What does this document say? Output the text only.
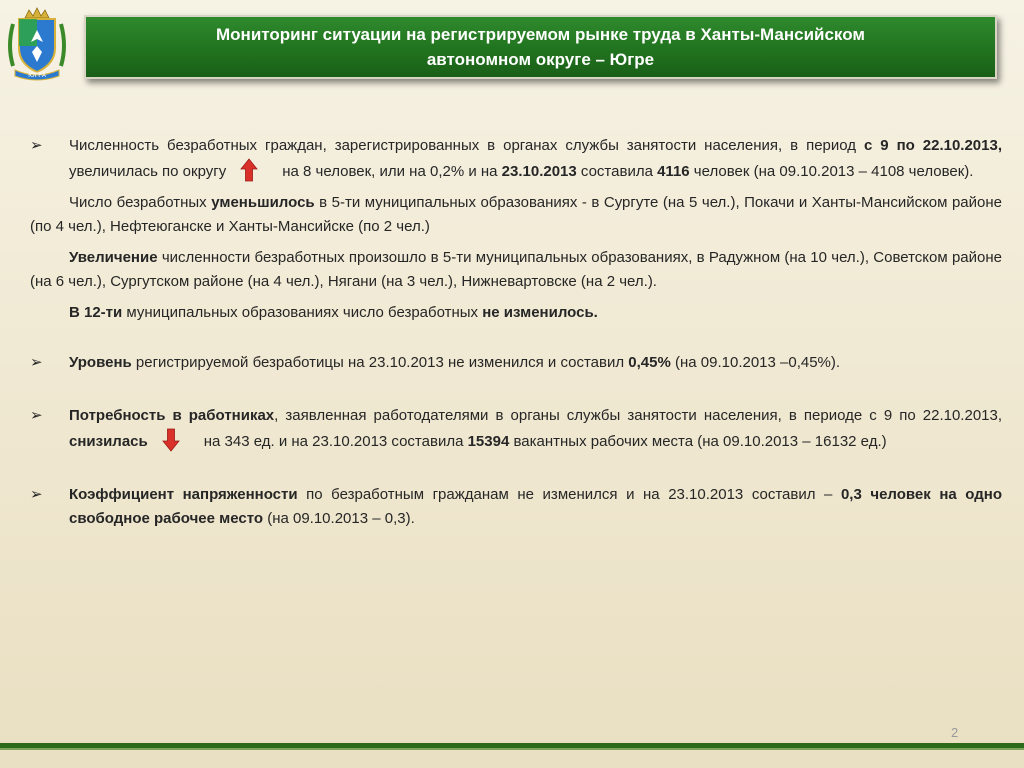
ЮГРА
Мониторинг ситуации на регистрируемом рынке труда в Ханты-Мансийском
автономном округе – Югре
➢ Численность безработных граждан, зарегистрированных в органах службы занятости населения, в период с 9 по 22.10.2013, увеличилась по округу	на 8 человек, или на 0,2% и на 23.10.2013 составила 4116 человек (на 09.10.2013 – 4108 человек).
Число безработных уменьшилось в 5-ти муниципальных образованиях - в Сургуте (на 5 чел.), Покачи и Ханты-Мансийском районе (по 4 чел.), Нефтеюганске и Ханты-Мансийске (по 2 чел.)
Увеличение численности безработных произошло в 5-ти муниципальных образованиях, в Радужном (на 10 чел.), Советском районе (на 6 чел.), Сургутском районе (на 4 чел.), Нягани (на 3 чел.), Нижневартовске (на 2 чел.).
В 12-ти муниципальных образованиях число безработных не изменилось.
➢ Уровень регистрируемой безработицы на 23.10.2013 не изменился и составил 0,45% (на 09.10.2013 –0,45%).
➢ Потребность в работниках, заявленная работодателями в органы службы занятости населения, в периоде с 9 по 22.10.2013, снизилась	на 343 ед. и на 23.10.2013 составила 15394 вакантных рабочих места (на 09.10.2013 – 16132 ед.)
➢ Коэффициент напряженности по безработным гражданам не изменился и на 23.10.2013 составил – 0,3 человек на одно свободное рабочее место (на 09.10.2013 – 0,3).
2
